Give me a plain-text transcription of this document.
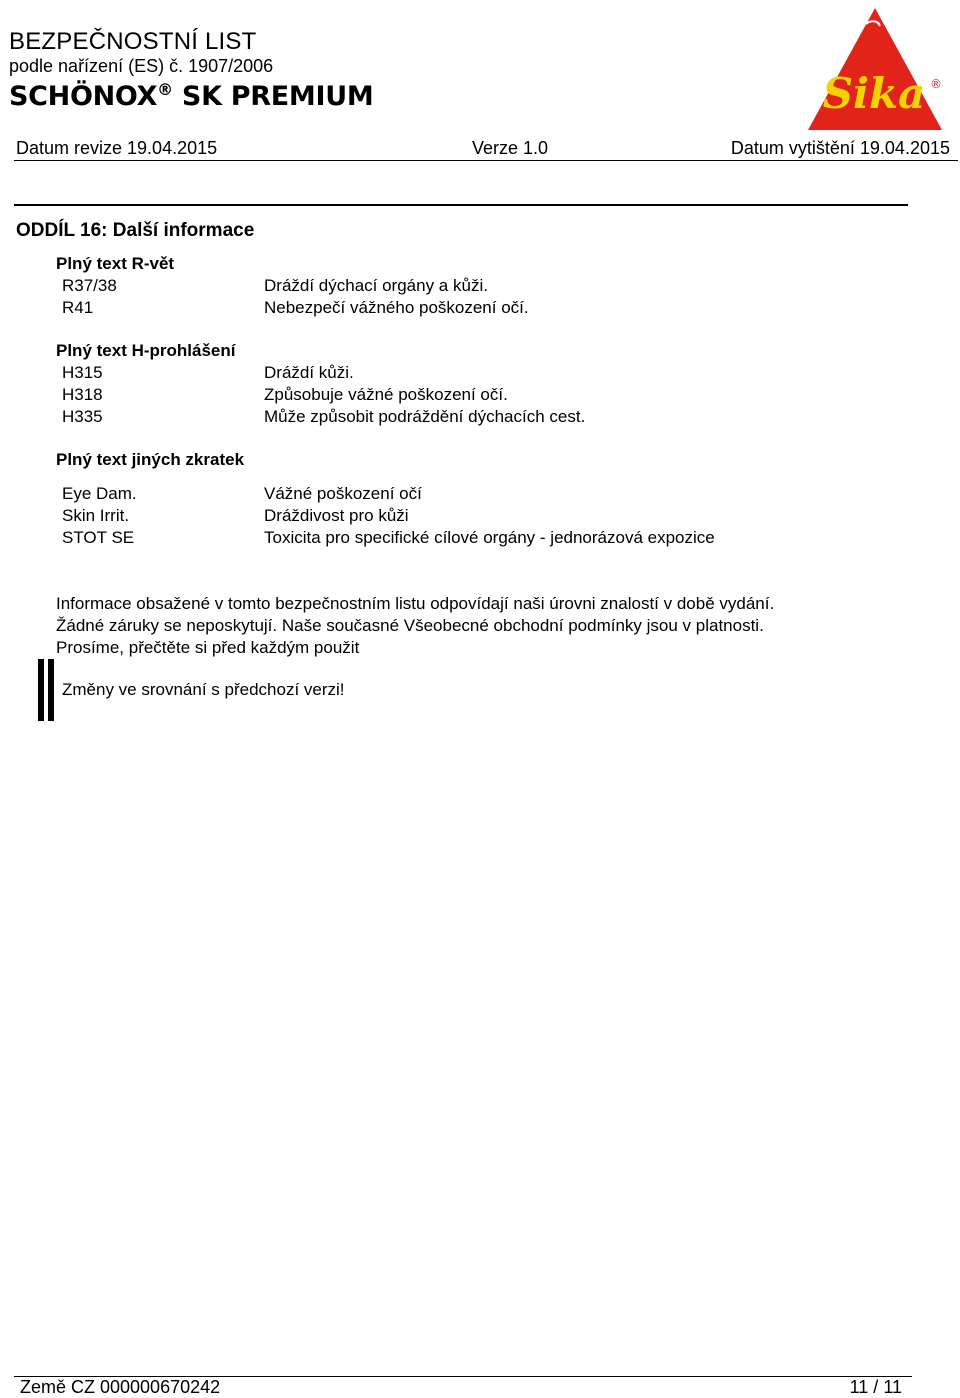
BEZPEČNOSTNÍ LIST
podle nařízení (ES) č. 1907/2006
SCHÖNOX® SK PREMIUM	Sika ®
Datum revize 19.04.2015	Verze 1.0	Datum vytištění 19.04.2015
ODDÍL 16: Další informace
Plný text R-vět
R37/38	Dráždí dýchací orgány a kůži.
R41	Nebezpečí vážného poškození očí.
Plný text H-prohlášení
H315	Dráždí kůži.
H318	Způsobuje vážné poškození očí.
H335	Může způsobit podráždění dýchacích cest.
Plný text jiných zkratek
Eye Dam.	Vážné poškození očí
Skin Irrit.	Dráždivost pro kůži
STOT SE	Toxicita pro specifické cílové orgány - jednorázová expozice
Informace obsažené v tomto bezpečnostním listu odpovídají naši úrovni znalostí v době vydání.
Žádné záruky se neposkytují. Naše současné Všeobecné obchodní podmínky jsou v platnosti.
Prosíme, přečtěte si před každým použit
Změny ve srovnání s předchozí verzi!
Země CZ 000000670242	11 / 11
